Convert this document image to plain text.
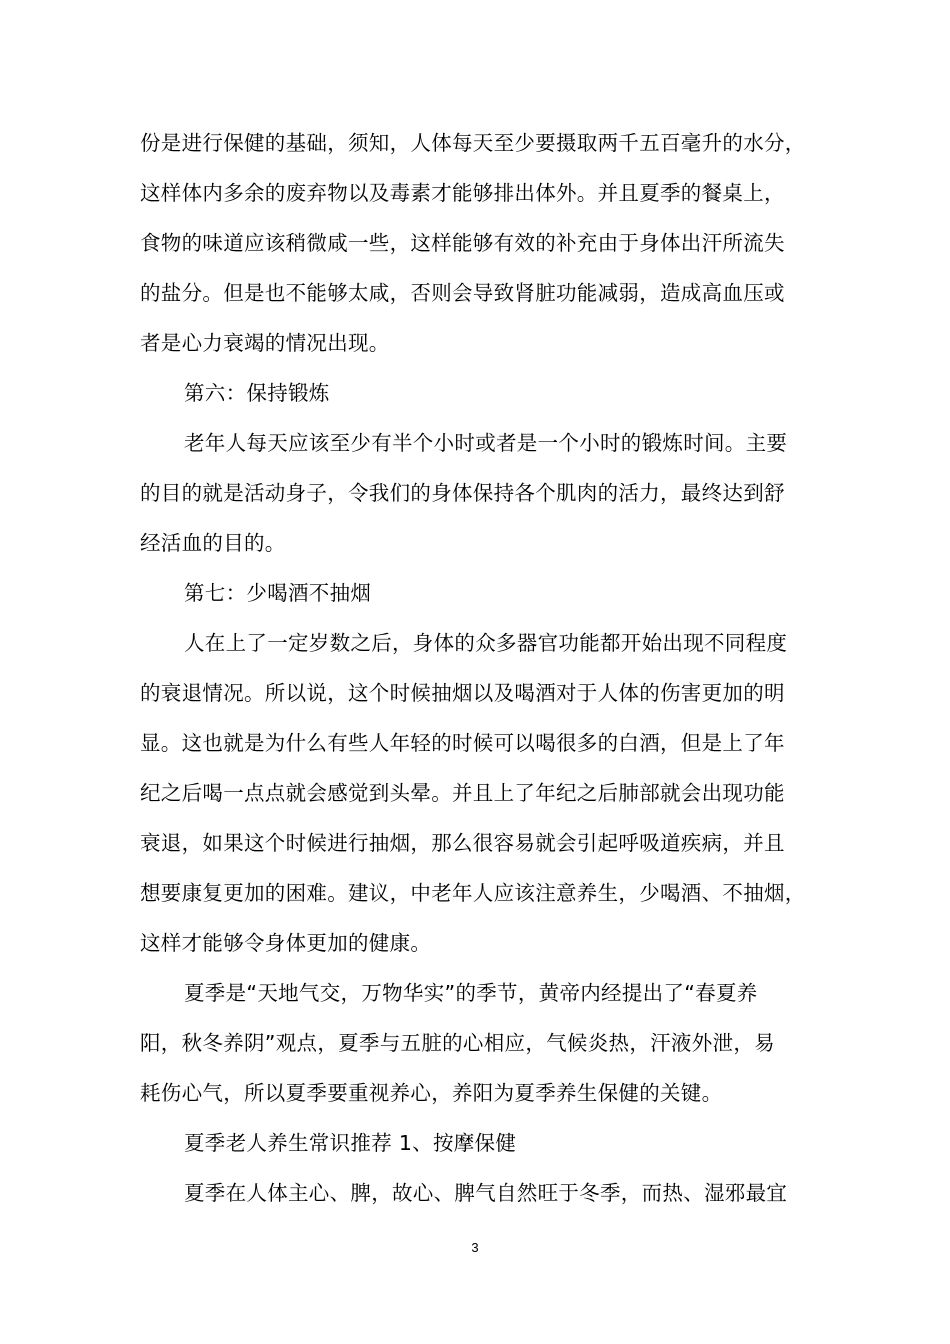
份是进行保健的基础，须知，人体每天至少要摄取两千五百毫升的水分，
这样体内多余的废弃物以及毒素才能够排出体外。并且夏季的餐桌上，
食物的味道应该稍微咸一些，这样能够有效的补充由于身体出汗所流失
的盐分。但是也不能够太咸，否则会导致肾脏功能减弱，造成高血压或
者是心力衰竭的情况出现。
第六：保持锻炼
老年人每天应该至少有半个小时或者是一个小时的锻炼时间。主要
的目的就是活动身子，令我们的身体保持各个肌肉的活力，最终达到舒
经活血的目的。
第七：少喝酒不抽烟
人在上了一定岁数之后，身体的众多器官功能都开始出现不同程度
的衰退情况。所以说，这个时候抽烟以及喝酒对于人体的伤害更加的明
显。这也就是为什么有些人年轻的时候可以喝很多的白酒，但是上了年
纪之后喝一点点就会感觉到头晕。并且上了年纪之后肺部就会出现功能
衰退，如果这个时候进行抽烟，那么很容易就会引起呼吸道疾病，并且
想要康复更加的困难。建议，中老年人应该注意养生，少喝酒、不抽烟，
这样才能够令身体更加的健康。
夏季是“天地气交，万物华实”的季节，黄帝内经提出了“春夏养
阳，秋冬养阴”观点，夏季与五脏的心相应，气候炎热，汗液外泄，易
耗伤心气，所以夏季要重视养心，养阳为夏季养生保健的关键。
夏季老人养生常识推荐 1、按摩保健
夏季在人体主心、脾，故心、脾气自然旺于冬季，而热、湿邪最宜
3
